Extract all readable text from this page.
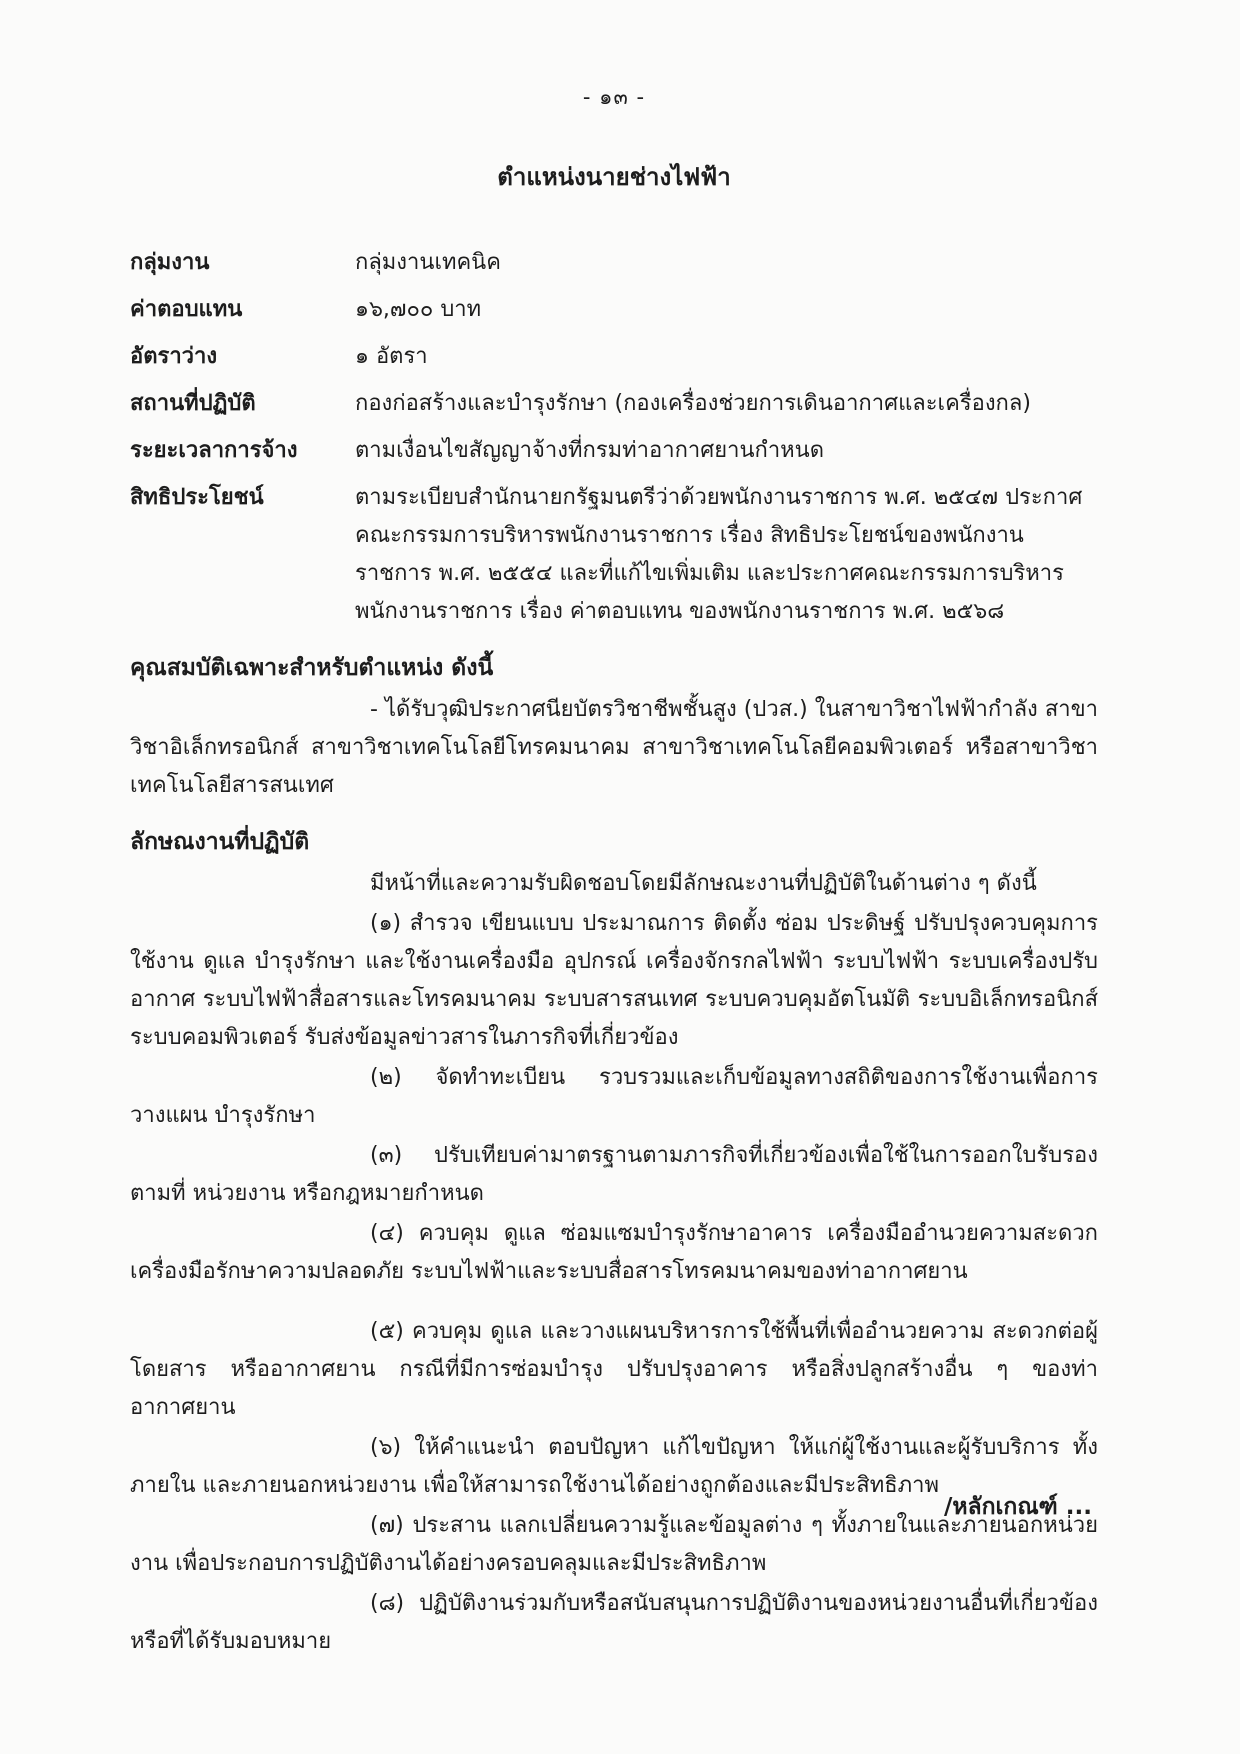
- ๑๓ -
ตำแหน่งนายช่างไฟฟ้า
กลุ่มงาน	กลุ่มงานเทคนิค
ค่าตอบแทน	๑๖,๗๐๐ บาท
อัตราว่าง	๑ อัตรา
สถานที่ปฏิบัติ	กองก่อสร้างและบำรุงรักษา (กองเครื่องช่วยการเดินอากาศและเครื่องกล)
ระยะเวลาการจ้าง	ตามเงื่อนไขสัญญาจ้างที่กรมท่าอากาศยานกำหนด
สิทธิประโยชน์	ตามระเบียบสำนักนายกรัฐมนตรีว่าด้วยพนักงานราชการ พ.ศ. ๒๕๔๗ ประกาศ คณะกรรมการบริหารพนักงานราชการ เรื่อง สิทธิประโยชน์ของพนักงานราชการ พ.ศ. ๒๕๕๔ และที่แก้ไขเพิ่มเติม และประกาศคณะกรรมการบริหารพนักงานราชการ เรื่อง ค่าตอบแทน ของพนักงานราชการ พ.ศ. ๒๕๖๘
คุณสมบัติเฉพาะสำหรับตำแหน่ง ดังนี้

- ได้รับวุฒิประกาศนียบัตรวิชาชีพชั้นสูง (ปวส.) ในสาขาวิชาไฟฟ้ากำลัง สาขาวิชาอิเล็กทรอนิกส์ สาขาวิชาเทคโนโลยีโทรคมนาคม สาขาวิชาเทคโนโลยีคอมพิวเตอร์ หรือสาขาวิชาเทคโนโลยีสารสนเทศ

ลักษณงานที่ปฏิบัติ

มีหน้าที่และความรับผิดชอบโดยมีลักษณะงานที่ปฏิบัติในด้านต่าง ๆ ดังนี้

(๑) สำรวจ เขียนแบบ ประมาณการ ติดตั้ง ซ่อม ประดิษฐ์ ปรับปรุงควบคุมการใช้งาน ดูแล บำรุงรักษา และใช้งานเครื่องมือ อุปกรณ์ เครื่องจักรกลไฟฟ้า ระบบไฟฟ้า ระบบเครื่องปรับอากาศ ระบบไฟฟ้าสื่อสารและโทรคมนาคม ระบบสารสนเทศ ระบบควบคุมอัตโนมัติ ระบบอิเล็กทรอนิกส์ ระบบคอมพิวเตอร์ รับส่งข้อมูลข่าวสารในภารกิจที่เกี่ยวข้อง

(๒) จัดทำทะเบียน รวบรวมและเก็บข้อมูลทางสถิติของการใช้งานเพื่อการวางแผน บำรุงรักษา

(๓) ปรับเทียบค่ามาตรฐานตามภารกิจที่เกี่ยวข้องเพื่อใช้ในการออกใบรับรองตามที่ หน่วยงาน หรือกฎหมายกำหนด

(๔) ควบคุม ดูแล ซ่อมแซมบำรุงรักษาอาคาร เครื่องมืออำนวยความสะดวก เครื่องมือรักษาความปลอดภัย ระบบไฟฟ้าและระบบสื่อสารโทรคมนาคมของท่าอากาศยาน

(๕) ควบคุม ดูแล และวางแผนบริหารการใช้พื้นที่เพื่ออำนวยความ สะดวกต่อผู้โดยสาร หรืออากาศยาน กรณีที่มีการซ่อมบำรุง ปรับปรุงอาคาร หรือสิ่งปลูกสร้างอื่น ๆ ของท่าอากาศยาน

(๖) ให้คำแนะนำ ตอบปัญหา แก้ไขปัญหา ให้แก่ผู้ใช้งานและผู้รับบริการ ทั้งภายใน และภายนอกหน่วยงาน เพื่อให้สามารถใช้งานได้อย่างถูกต้องและมีประสิทธิภาพ

(๗) ประสาน แลกเปลี่ยนความรู้และข้อมูลต่าง ๆ ทั้งภายในและภายนอกหน่วยงาน เพื่อประกอบการปฏิบัติงานได้อย่างครอบคลุมและมีประสิทธิภาพ

(๘) ปฏิบัติงานร่วมกับหรือสนับสนุนการปฏิบัติงานของหน่วยงานอื่นที่เกี่ยวข้อง หรือที่ได้รับมอบหมาย

/หลักเกณฑ์ ...
